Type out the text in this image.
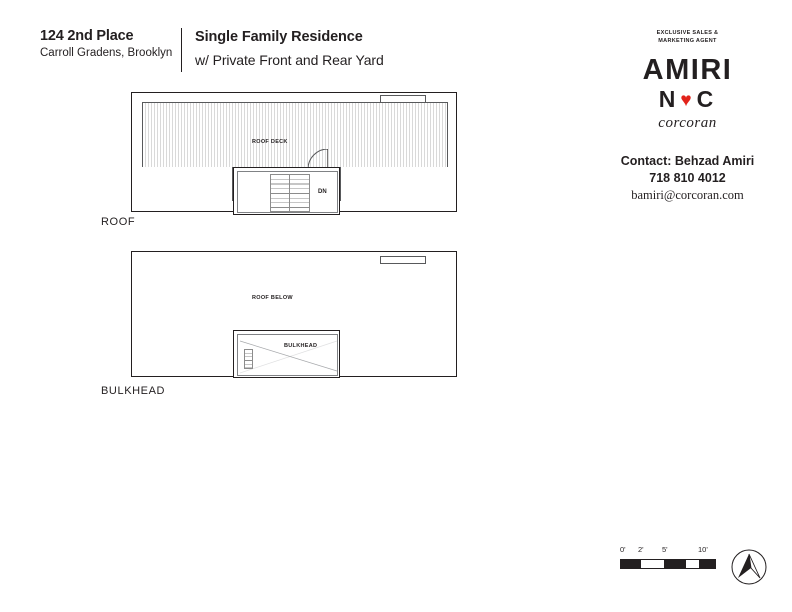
124 2nd Place
Carroll Gradens, Brooklyn
Single Family Residence
w/ Private Front and Rear Yard
EXCLUSIVE SALES &
MARKETING AGENT
AMIRI
N ♥ C
corcoran
Contact: Behzad Amiri
718 810 4012
bamiri@corcoran.com
ROOF DECK
DN
ROOF
ROOF BELOW
BULKHEAD
BULKHEAD
0' 2' 5'	10'
